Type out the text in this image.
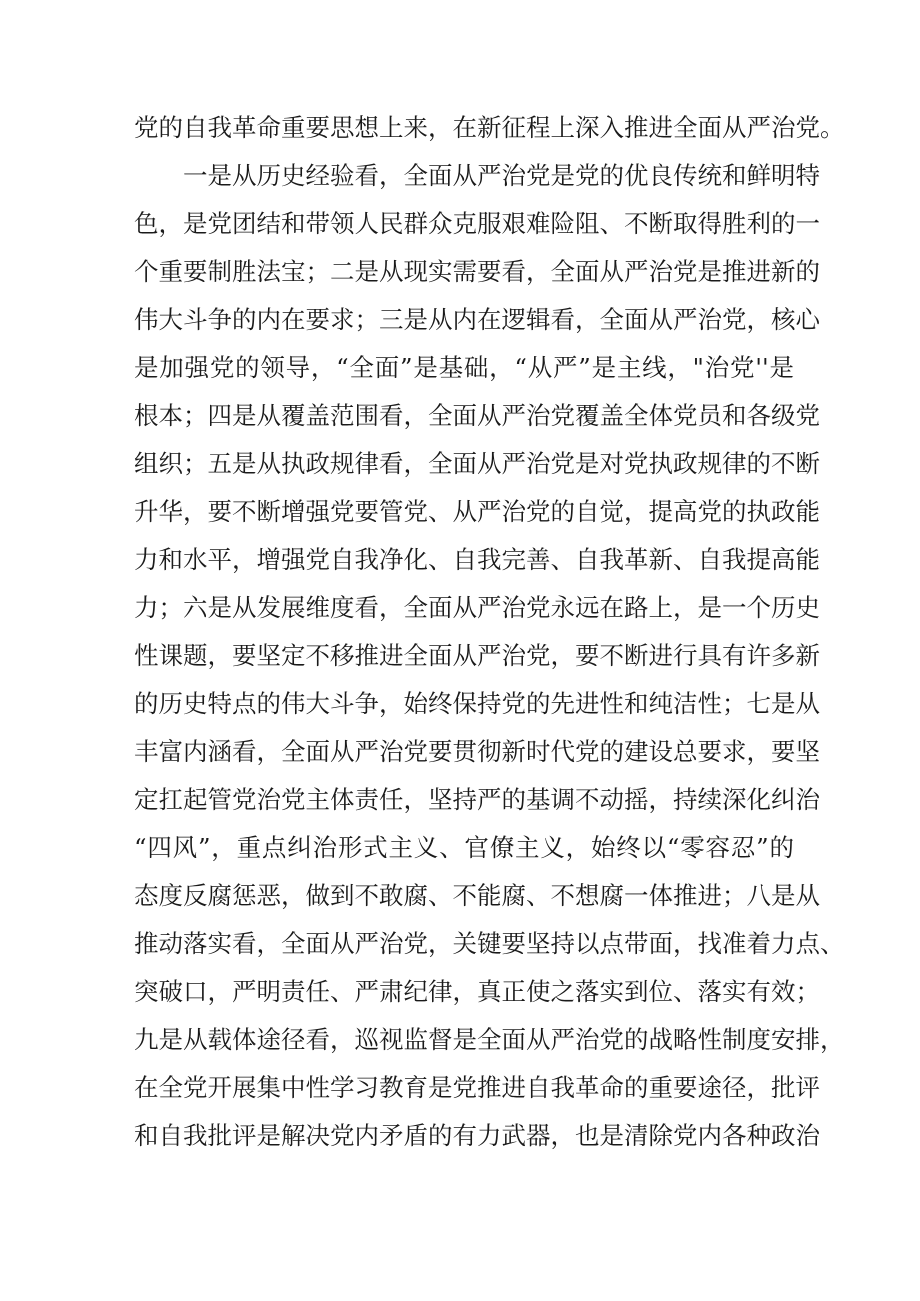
党的自我革命重要思想上来，在新征程上深入推进全面从严治党。
一是从历史经验看，全面从严治党是党的优良传统和鲜明特
色，是党团结和带领人民群众克服艰难险阻、不断取得胜利的一
个重要制胜法宝；二是从现实需要看，全面从严治党是推进新的
伟大斗争的内在要求；三是从内在逻辑看，全面从严治党，核心
是加强党的领导，“全面”是基础，“从严”是主线，"治党''是
根本；四是从覆盖范围看，全面从严治党覆盖全体党员和各级党
组织；五是从执政规律看，全面从严治党是对党执政规律的不断
升华，要不断增强党要管党、从严治党的自觉，提高党的执政能
力和水平，增强党自我净化、自我完善、自我革新、自我提高能
力；六是从发展维度看，全面从严治党永远在路上，是一个历史
性课题，要坚定不移推进全面从严治党，要不断进行具有许多新
的历史特点的伟大斗争，始终保持党的先进性和纯洁性；七是从
丰富内涵看，全面从严治党要贯彻新时代党的建设总要求，要坚
定扛起管党治党主体责任，坚持严的基调不动摇，持续深化纠治
“四风”，重点纠治形式主义、官僚主义，始终以“零容忍”的
态度反腐惩恶，做到不敢腐、不能腐、不想腐一体推进；八是从
推动落实看，全面从严治党，关键要坚持以点带面，找准着力点、
突破口，严明责任、严肃纪律，真正使之落实到位、落实有效；
九是从载体途径看，巡视监督是全面从严治党的战略性制度安排，
在全党开展集中性学习教育是党推进自我革命的重要途径，批评
和自我批评是解决党内矛盾的有力武器，也是清除党内各种政治
